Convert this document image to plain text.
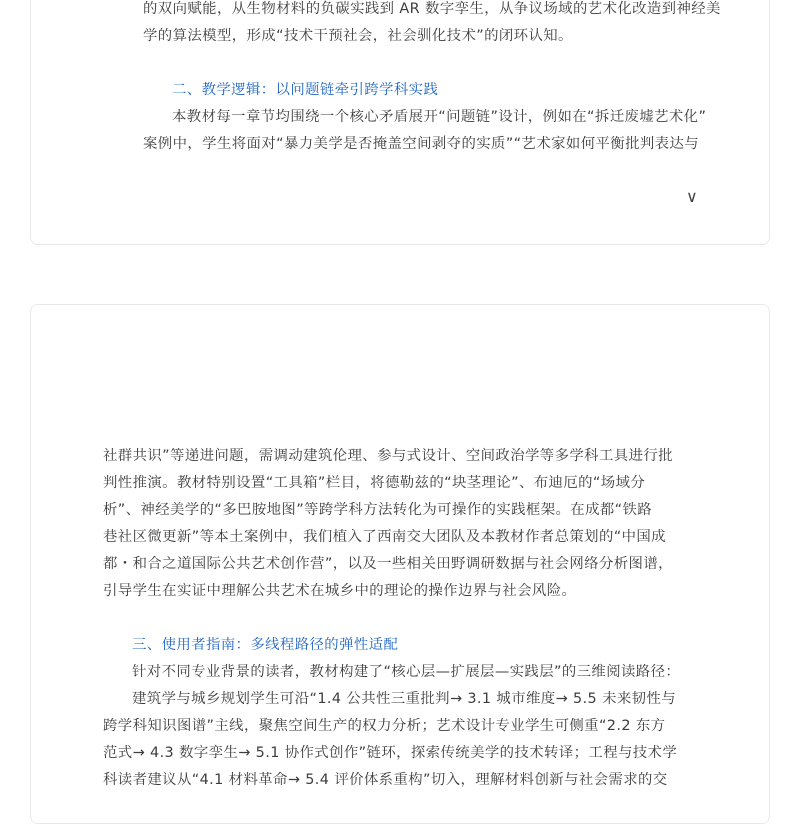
的双向赋能，从生物材料的负碳实践到 AR 数字孪生，从争议场域的艺术化改造到神经美
学的算法模型，形成“技术干预社会，社会驯化技术”的闭环认知。

二、教学逻辑：以问题链牵引跨学科实践

本教材每一章节均围绕一个核心矛盾展开“问题链”设计，例如在“拆迁废墟艺术化”
案例中，学生将面对“暴力美学是否掩盖空间剥夺的实质”“艺术家如何平衡批判表达与

∨

社群共识”等递进问题，需调动建筑伦理、参与式设计、空间政治学等多学科工具进行批
判性推演。教材特别设置“工具箱”栏目，将德勒兹的“块茎理论”、布迪厄的“场域分
析”、神经美学的“多巴胺地图”等跨学科方法转化为可操作的实践框架。在成都“铁路
巷社区微更新”等本土案例中，我们植入了西南交大团队及本教材作者总策划的“中国成
都・和合之道国际公共艺术创作营”，以及一些相关田野调研数据与社会网络分析图谱，
引导学生在实证中理解公共艺术在城乡中的理论的操作边界与社会风险。

三、使用者指南：多线程路径的弹性适配

针对不同专业背景的读者，教材构建了“核心层—扩展层—实践层”的三维阅读路径：
建筑学与城乡规划学生可沿“1.4 公共性三重批判→ 3.1 城市维度→ 5.5 未来韧性与
跨学科知识图谱”主线，聚焦空间生产的权力分析；艺术设计专业学生可侧重“2.2 东方
范式→ 4.3 数字孪生→ 5.1 协作式创作”链环，探索传统美学的技术转译；工程与技术学
科读者建议从“4.1 材料革命→ 5.4 评价体系重构”切入，理解材料创新与社会需求的交
